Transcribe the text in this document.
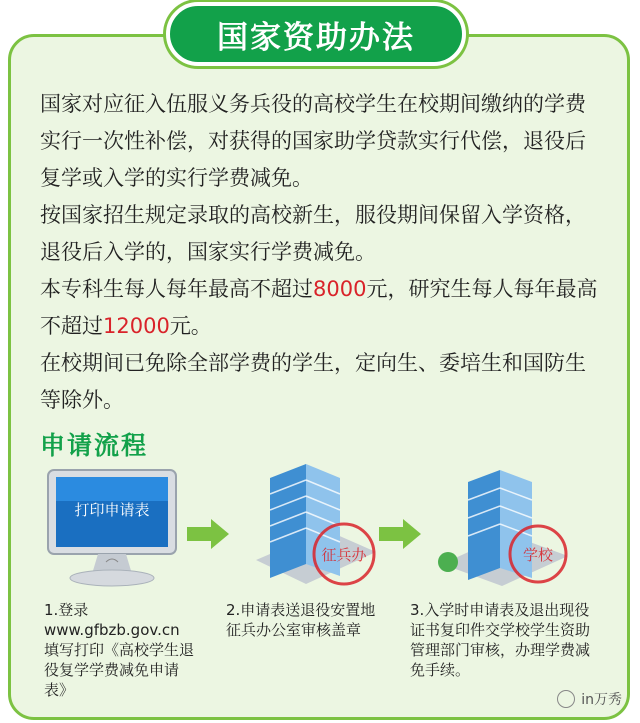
国家资助办法
国家对应征入伍服义务兵役的高校学生在校期间缴纳的学费实行一次性补偿，对获得的国家助学贷款实行代偿，退役后复学或入学的实行学费减免。
按国家招生规定录取的高校新生，服役期间保留入学资格，退役后入学的，国家实行学费减免。
本专科生每人每年最高不超过8000元，研究生每人每年最高不超过12000元。
在校期间已免除全部学费的学生，定向生、委培生和国防生等除外。
申请流程
打印申请表
征兵办	学校
1.登录www.gfbzb.gov.cn 填写打印《高校学生退役复学学费减免申请表》
2.申请表送退役安置地征兵办公室审核盖章
3.入学时申请表及退出现役证书复印件交学校学生资助管理部门审核，办理学费减免手续。
in万秀
